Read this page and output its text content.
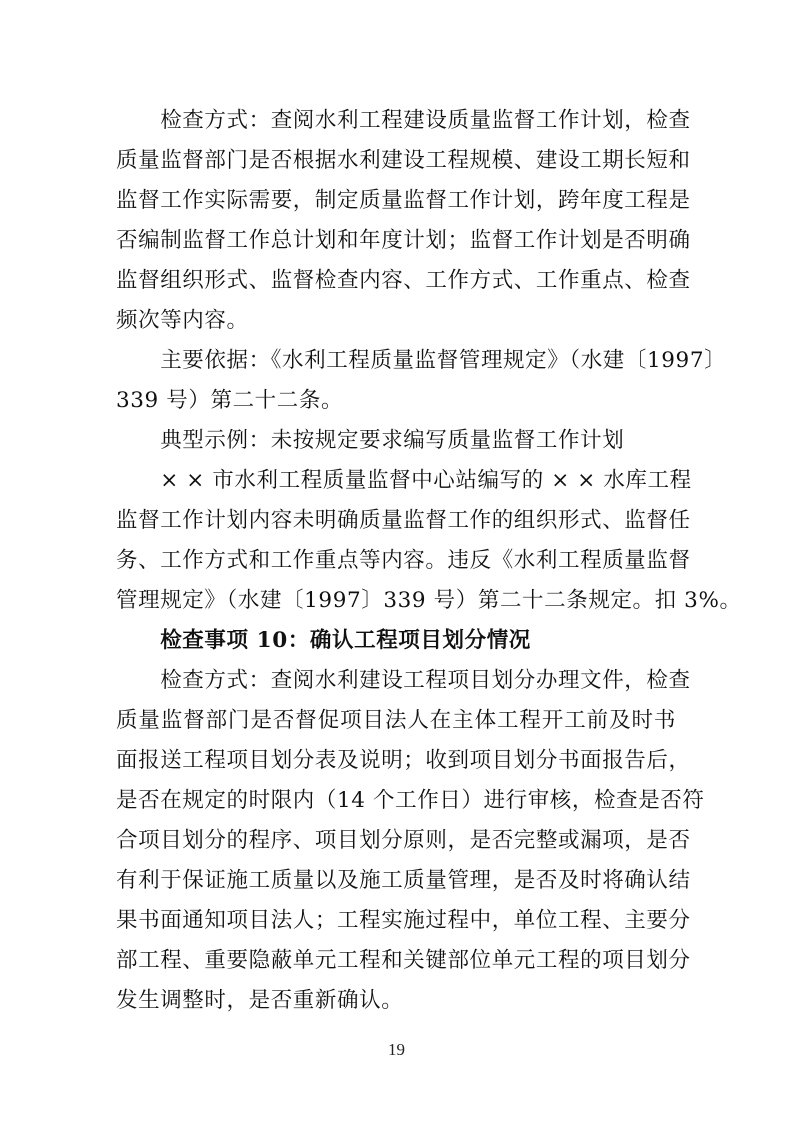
　　检查方式：查阅水利工程建设质量监督工作计划，检查
质量监督部门是否根据水利建设工程规模、建设工期长短和
监督工作实际需要，制定质量监督工作计划，跨年度工程是
否编制监督工作总计划和年度计划；监督工作计划是否明确
监督组织形式、监督检查内容、工作方式、工作重点、检查
频次等内容。
　　主要依据：《水利工程质量监督管理规定》（水建〔1997〕
339 号）第二十二条。
　　典型示例：未按规定要求编写质量监督工作计划
　　× × 市水利工程质量监督中心站编写的 × × 水库工程
监督工作计划内容未明确质量监督工作的组织形式、监督任
务、工作方式和工作重点等内容。违反《水利工程质量监督
管理规定》（水建〔1997〕339 号）第二十二条规定。扣 3%。
　　检查事项 10：确认工程项目划分情况
　　检查方式：查阅水利建设工程项目划分办理文件，检查
质量监督部门是否督促项目法人在主体工程开工前及时书
面报送工程项目划分表及说明；收到项目划分书面报告后，
是否在规定的时限内（14 个工作日）进行审核，检查是否符
合项目划分的程序、项目划分原则，是否完整或漏项，是否
有利于保证施工质量以及施工质量管理，是否及时将确认结
果书面通知项目法人；工程实施过程中，单位工程、主要分
部工程、重要隐蔽单元工程和关键部位单元工程的项目划分
发生调整时，是否重新确认。
19
